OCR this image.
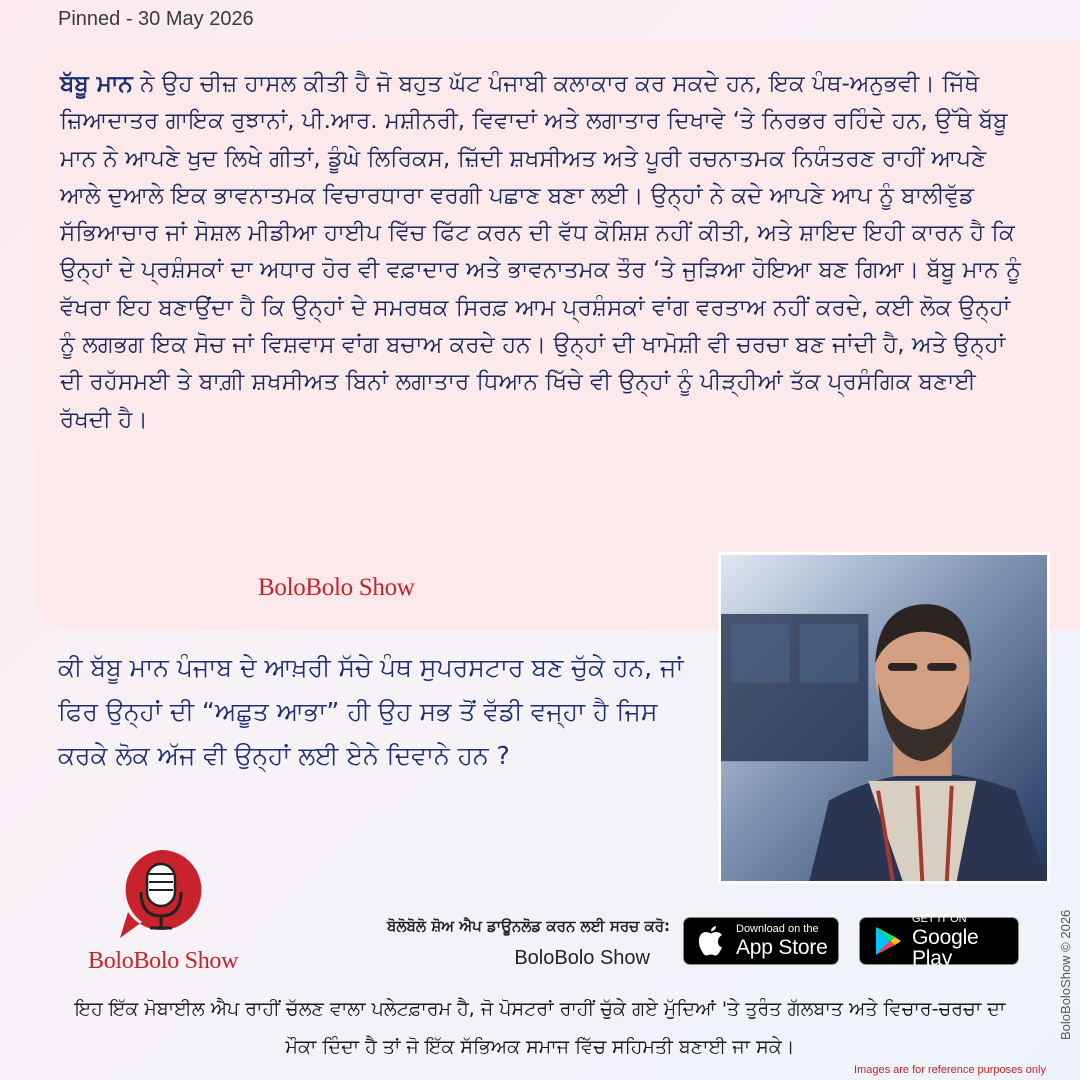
Pinned - 30 May 2026

ਬੱਬੂ ਮਾਨ ਨੇ ਉਹ ਚੀਜ਼ ਹਾਸਲ ਕੀਤੀ ਹੈ ਜੋ ਬਹੁਤ ਘੱਟ ਪੰਜਾਬੀ ਕਲਾਕਾਰ ਕਰ ਸਕਦੇ ਹਨ, ਇਕ ਪੰਥ-ਅਨੁਭਵੀ। ਜਿੱਥੇ ਜ਼ਿਆਦਾਤਰ ਗਾਇਕ ਰੁਝਾਨਾਂ, ਪੀ.ਆਰ. ਮਸ਼ੀਨਰੀ, ਵਿਵਾਦਾਂ ਅਤੇ ਲਗਾਤਾਰ ਦਿਖਾਵੇ ‘ਤੇ ਨਿਰਭਰ ਰਹਿੰਦੇ ਹਨ, ਉੱਥੇ ਬੱਬੂ ਮਾਨ ਨੇ ਆਪਣੇ ਖੁਦ ਲਿਖੇ ਗੀਤਾਂ, ਡੂੰਘੇ ਲਿਰਿਕਸ, ਜ਼ਿੱਦੀ ਸ਼ਖਸੀਅਤ ਅਤੇ ਪੂਰੀ ਰਚਨਾਤਮਕ ਨਿਯੰਤਰਣ ਰਾਹੀਂ ਆਪਣੇ ਆਲੇ ਦੁਆਲੇ ਇਕ ਭਾਵਨਾਤਮਕ ਵਿਚਾਰਧਾਰਾ ਵਰਗੀ ਪਛਾਣ ਬਣਾ ਲਈ। ਉਨ੍ਹਾਂ ਨੇ ਕਦੇ ਆਪਣੇ ਆਪ ਨੂੰ ਬਾਲੀਵੁੱਡ ਸੱਭਿਆਚਾਰ ਜਾਂ ਸੋਸ਼ਲ ਮੀਡੀਆ ਹਾਈਪ ਵਿੱਚ ਫਿੱਟ ਕਰਨ ਦੀ ਵੱਧ ਕੋਸ਼ਿਸ਼ ਨਹੀਂ ਕੀਤੀ, ਅਤੇ ਸ਼ਾਇਦ ਇਹੀ ਕਾਰਨ ਹੈ ਕਿ ਉਨ੍ਹਾਂ ਦੇ ਪ੍ਰਸ਼ੰਸਕਾਂ ਦਾ ਅਧਾਰ ਹੋਰ ਵੀ ਵਫ਼ਾਦਾਰ ਅਤੇ ਭਾਵਨਾਤਮਕ ਤੌਰ ‘ਤੇ ਜੁੜਿਆ ਹੋਇਆ ਬਣ ਗਿਆ। ਬੱਬੂ ਮਾਨ ਨੂੰ ਵੱਖਰਾ ਇਹ ਬਣਾਉਂਦਾ ਹੈ ਕਿ ਉਨ੍ਹਾਂ ਦੇ ਸਮਰਥਕ ਸਿਰਫ਼ ਆਮ ਪ੍ਰਸ਼ੰਸਕਾਂ ਵਾਂਗ ਵਰਤਾਅ ਨਹੀਂ ਕਰਦੇ, ਕਈ ਲੋਕ ਉਨ੍ਹਾਂ ਨੂੰ ਲਗਭਗ ਇਕ ਸੋਚ ਜਾਂ ਵਿਸ਼ਵਾਸ ਵਾਂਗ ਬਚਾਅ ਕਰਦੇ ਹਨ। ਉਨ੍ਹਾਂ ਦੀ ਖਾਮੋਸ਼ੀ ਵੀ ਚਰਚਾ ਬਣ ਜਾਂਦੀ ਹੈ, ਅਤੇ ਉਨ੍ਹਾਂ ਦੀ ਰਹੱਸਮਈ ਤੇ ਬਾਗ਼ੀ ਸ਼ਖਸੀਅਤ ਬਿਨਾਂ ਲਗਾਤਾਰ ਧਿਆਨ ਖਿੱਚੇ ਵੀ ਉਨ੍ਹਾਂ ਨੂੰ ਪੀੜ੍ਹੀਆਂ ਤੱਕ ਪ੍ਰਸੰਗਿਕ ਬਣਾਈ ਰੱਖਦੀ ਹੈ।

BoloBolo Show

ਕੀ ਬੱਬੂ ਮਾਨ ਪੰਜਾਬ ਦੇ ਆਖ਼ਰੀ ਸੱਚੇ ਪੰਥ ਸੁਪਰਸਟਾਰ ਬਣ ਚੁੱਕੇ ਹਨ, ਜਾਂ ਫਿਰ ਉਨ੍ਹਾਂ ਦੀ “ਅਛੂਤ ਆਭਾ” ਹੀ ਉਹ ਸਭ ਤੋਂ ਵੱਡੀ ਵਜ੍ਹਾ ਹੈ ਜਿਸ ਕਰਕੇ ਲੋਕ ਅੱਜ ਵੀ ਉਨ੍ਹਾਂ ਲਈ ਏਨੇ ਦਿਵਾਨੇ ਹਨ ?

BoloBolo Show
ਬੋਲੋਬੋਲੋ ਸ਼ੋਅ ਐਪ ਡਾਊਨਲੋਡ ਕਰਨ ਲਈ ਸਰਚ ਕਰੋ:
BoloBolo Show
Download on the
App Store
GET IT ON
Google Play

ਇਹ ਇੱਕ ਮੋਬਾਈਲ ਐਪ ਰਾਹੀਂ ਚੱਲਣ ਵਾਲਾ ਪਲੇਟਫ਼ਾਰਮ ਹੈ, ਜੋ ਪੋਸਟਰਾਂ ਰਾਹੀਂ ਚੁੱਕੇ ਗਏ ਮੁੱਦਿਆਂ 'ਤੇ ਤੁਰੰਤ ਗੱਲਬਾਤ ਅਤੇ ਵਿਚਾਰ-ਚਰਚਾ ਦਾ ਮੌਕਾ ਦਿੰਦਾ ਹੈ ਤਾਂ ਜੋ ਇੱਕ ਸੱਭਿਅਕ ਸਮਾਜ ਵਿੱਚ ਸਹਿਮਤੀ ਬਣਾਈ ਜਾ ਸਕੇ।

BoloBoloShow © 2026
Images are for reference purposes only
